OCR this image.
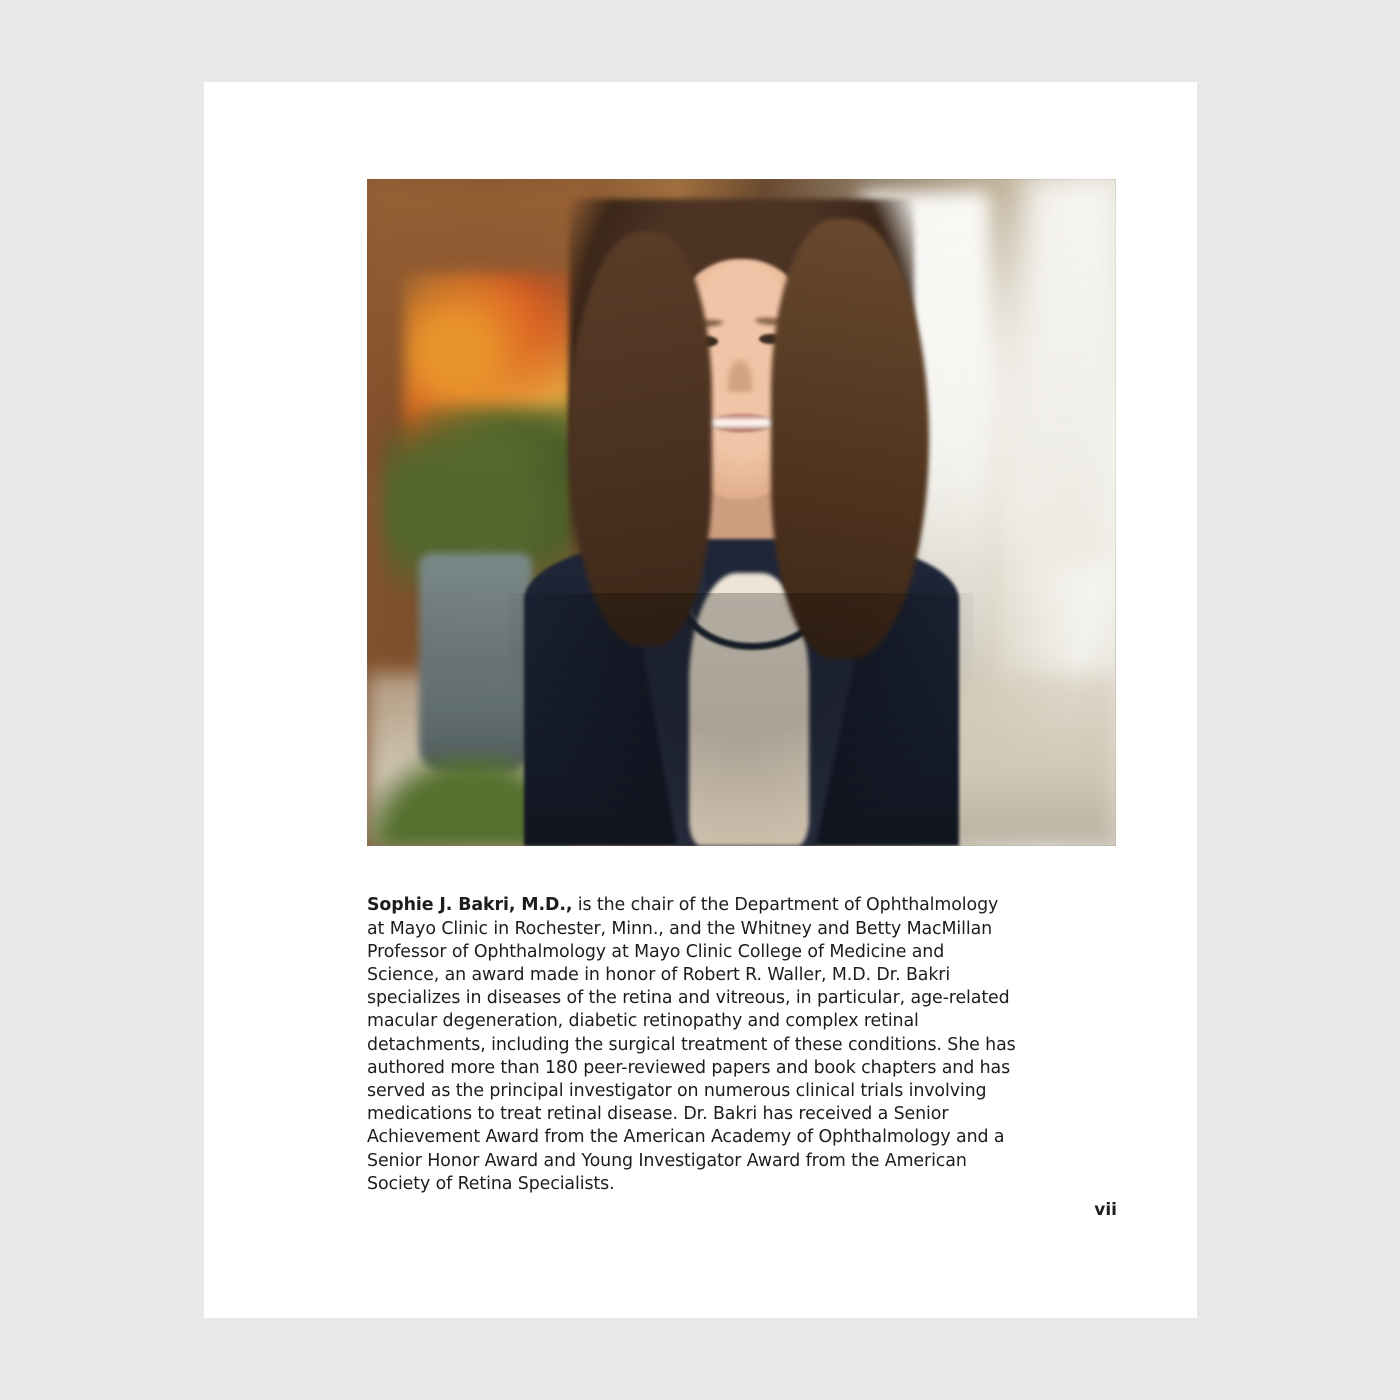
Sophie J. Bakri, M.D., is the chair of the Department of Ophthalmology at Mayo Clinic in Rochester, Minn., and the Whitney and Betty MacMillan Professor of Ophthalmology at Mayo Clinic College of Medicine and Science, an award made in honor of Robert R. Waller, M.D. Dr. Bakri specializes in diseases of the retina and vitreous, in particular, age-related macular degeneration, diabetic retinopathy and complex retinal detachments, including the surgical treatment of these conditions. She has authored more than 180 peer-reviewed papers and book chapters and has served as the principal investigator on numerous clinical trials involving medications to treat retinal disease. Dr. Bakri has received a Senior Achievement Award from the American Academy of Ophthalmology and a Senior Honor Award and Young Investigator Award from the American Society of Retina Specialists.

vii
